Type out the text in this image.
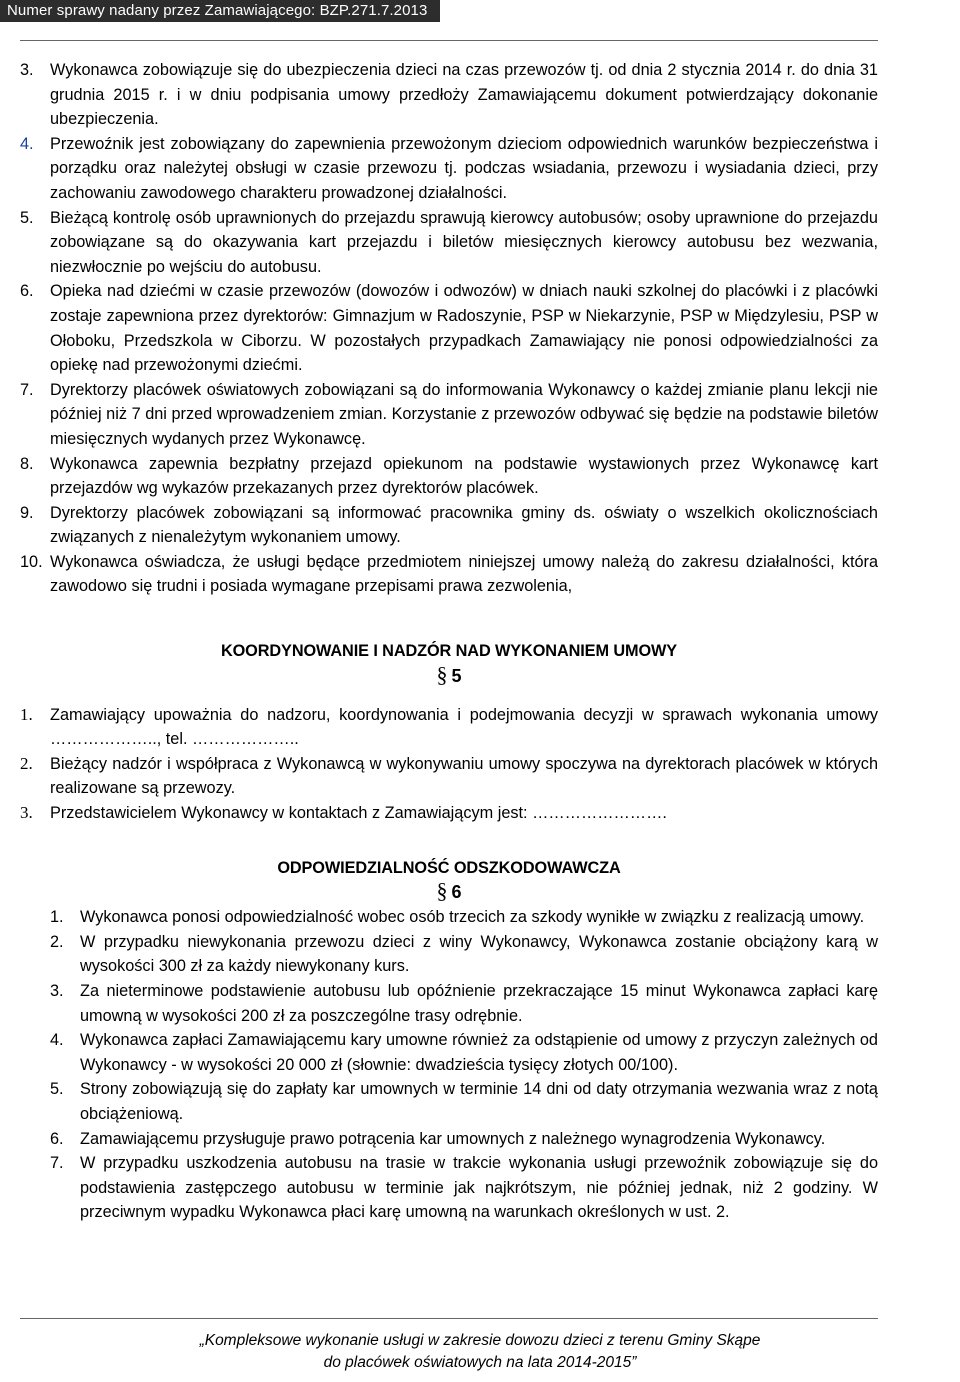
Numer sprawy nadany przez Zamawiającego: BZP.271.7.2013
3. Wykonawca zobowiązuje się do ubezpieczenia dzieci na czas przewozów tj. od dnia 2 stycznia 2014 r. do dnia 31 grudnia 2015 r. i w dniu podpisania umowy przedłoży Zamawiającemu dokument potwierdzający dokonanie ubezpieczenia.
4. Przewoźnik jest zobowiązany do zapewnienia przewożonym dzieciom odpowiednich warunków bezpieczeństwa i porządku oraz należytej obsługi w czasie przewozu tj. podczas wsiadania, przewozu i wysiadania dzieci, przy zachowaniu zawodowego charakteru prowadzonej działalności.
5. Bieżącą kontrolę osób uprawnionych do przejazdu sprawują kierowcy autobusów; osoby uprawnione do przejazdu zobowiązane są do okazywania kart przejazdu i biletów miesięcznych kierowcy autobusu bez wezwania, niezwłocznie po wejściu do autobusu.
6. Opieka nad dziećmi w czasie przewozów (dowozów i odwozów) w dniach nauki szkolnej do placówki i z placówki zostaje zapewniona przez dyrektorów: Gimnazjum w Radoszynie, PSP w Niekarzynie, PSP w Międzylesiu, PSP w Ołoboku, Przedszkola w Ciborzu. W pozostałych przypadkach Zamawiający nie ponosi odpowiedzialności za opiekę nad przewożonymi dziećmi.
7. Dyrektorzy placówek oświatowych zobowiązani są do informowania Wykonawcy o każdej zmianie planu lekcji nie później niż 7 dni przed wprowadzeniem zmian. Korzystanie z przewozów odbywać się będzie na podstawie biletów miesięcznych wydanych przez Wykonawcę.
8. Wykonawca zapewnia bezpłatny przejazd opiekunom na podstawie wystawionych przez Wykonawcę kart przejazdów wg wykazów przekazanych przez dyrektorów placówek.
9. Dyrektorzy placówek zobowiązani są informować pracownika gminy ds. oświaty o wszelkich okolicznościach związanych z nienależytym wykonaniem umowy.
10. Wykonawca oświadcza, że usługi będące przedmiotem niniejszej umowy należą do zakresu działalności, która zawodowo się trudni i posiada wymagane przepisami prawa zezwolenia,
KOORDYNOWANIE I NADZÓR NAD WYKONANIEM UMOWY
§ 5
1. Zamawiający upoważnia do nadzoru, koordynowania i podejmowania decyzji w sprawach wykonania umowy ……………….., tel. ………………..
2. Bieżący nadzór i współpraca z Wykonawcą w wykonywaniu umowy spoczywa na dyrektorach placówek w których realizowane są przewozy.
3. Przedstawicielem Wykonawcy w kontaktach z Zamawiającym jest: …………………….
ODPOWIEDZIALNOŚĆ ODSZKODOWAWCZA
§ 6
1. Wykonawca ponosi odpowiedzialność wobec osób trzecich za szkody wynikłe w związku z realizacją umowy.
2. W przypadku niewykonania przewozu dzieci z winy Wykonawcy, Wykonawca zostanie obciążony karą w wysokości 300 zł za każdy niewykonany kurs.
3. Za nieterminowe podstawienie autobusu lub opóźnienie przekraczające 15 minut Wykonawca zapłaci karę umowną w wysokości 200 zł za poszczególne trasy odrębnie.
4. Wykonawca zapłaci Zamawiającemu kary umowne również za odstąpienie od umowy z przyczyn zależnych od Wykonawcy - w wysokości 20 000 zł (słownie: dwadzieścia tysięcy złotych 00/100).
5. Strony zobowiązują się do zapłaty kar umownych w terminie 14 dni od daty otrzymania wezwania wraz z notą obciążeniową.
6. Zamawiającemu przysługuje prawo potrącenia kar umownych z należnego wynagrodzenia Wykonawcy.
7. W przypadku uszkodzenia autobusu na trasie w trakcie wykonania usługi przewoźnik zobowiązuje się do podstawienia zastępczego autobusu w terminie jak najkrótszym, nie później jednak, niż 2 godziny. W przeciwnym wypadku Wykonawca płaci karę umowną na warunkach określonych w ust. 2.
„Kompleksowe wykonanie usługi w zakresie dowozu dzieci z terenu Gminy Skąpe
do placówek oświatowych na lata 2014-2015”
